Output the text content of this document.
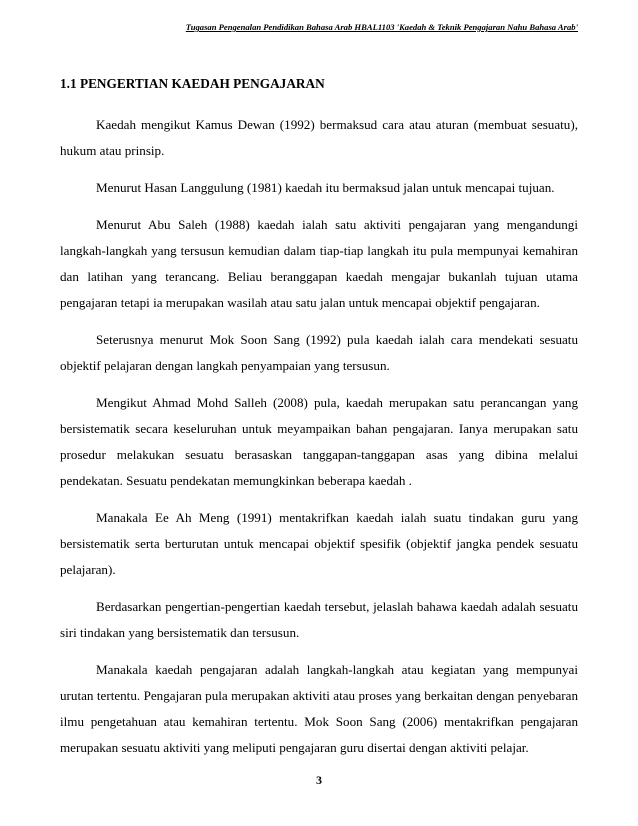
Tugasan Pengenalan Pendidikan Bahasa Arab HBAL1103 'Kaedah & Teknik Pengajaran Nahu Bahasa Arab'
1.1 PENGERTIAN KAEDAH PENGAJARAN

Kaedah mengikut Kamus Dewan (1992) bermaksud cara atau aturan (membuat sesuatu), hukum atau prinsip.

Menurut Hasan Langgulung (1981) kaedah itu bermaksud jalan untuk mencapai tujuan.

Menurut Abu Saleh (1988) kaedah ialah satu aktiviti pengajaran yang mengandungi langkah-langkah yang tersusun kemudian dalam tiap-tiap langkah itu pula mempunyai kemahiran dan latihan yang terancang. Beliau beranggapan kaedah mengajar bukanlah tujuan utama pengajaran tetapi ia merupakan wasilah atau satu jalan untuk mencapai objektif pengajaran.

Seterusnya menurut Mok Soon Sang (1992) pula kaedah ialah cara mendekati sesuatu objektif pelajaran dengan langkah penyampaian yang tersusun.

Mengikut Ahmad Mohd Salleh (2008) pula, kaedah merupakan satu perancangan yang bersistematik secara keseluruhan untuk meyampaikan bahan pengajaran. Ianya merupakan satu prosedur melakukan sesuatu berasaskan tanggapan-tanggapan asas yang dibina melalui pendekatan. Sesuatu pendekatan memungkinkan beberapa kaedah .

Manakala Ee Ah Meng (1991) mentakrifkan kaedah ialah suatu tindakan guru yang bersistematik serta berturutan untuk mencapai objektif spesifik (objektif jangka pendek sesuatu pelajaran).

Berdasarkan pengertian-pengertian kaedah tersebut, jelaslah bahawa kaedah adalah sesuatu siri tindakan yang bersistematik dan tersusun.

Manakala kaedah pengajaran adalah langkah-langkah atau kegiatan yang mempunyai urutan tertentu. Pengajaran pula merupakan aktiviti atau proses yang berkaitan dengan penyebaran ilmu pengetahuan atau kemahiran tertentu. Mok Soon Sang (2006) mentakrifkan pengajaran merupakan sesuatu aktiviti yang meliputi pengajaran guru disertai dengan aktiviti pelajar.

3
